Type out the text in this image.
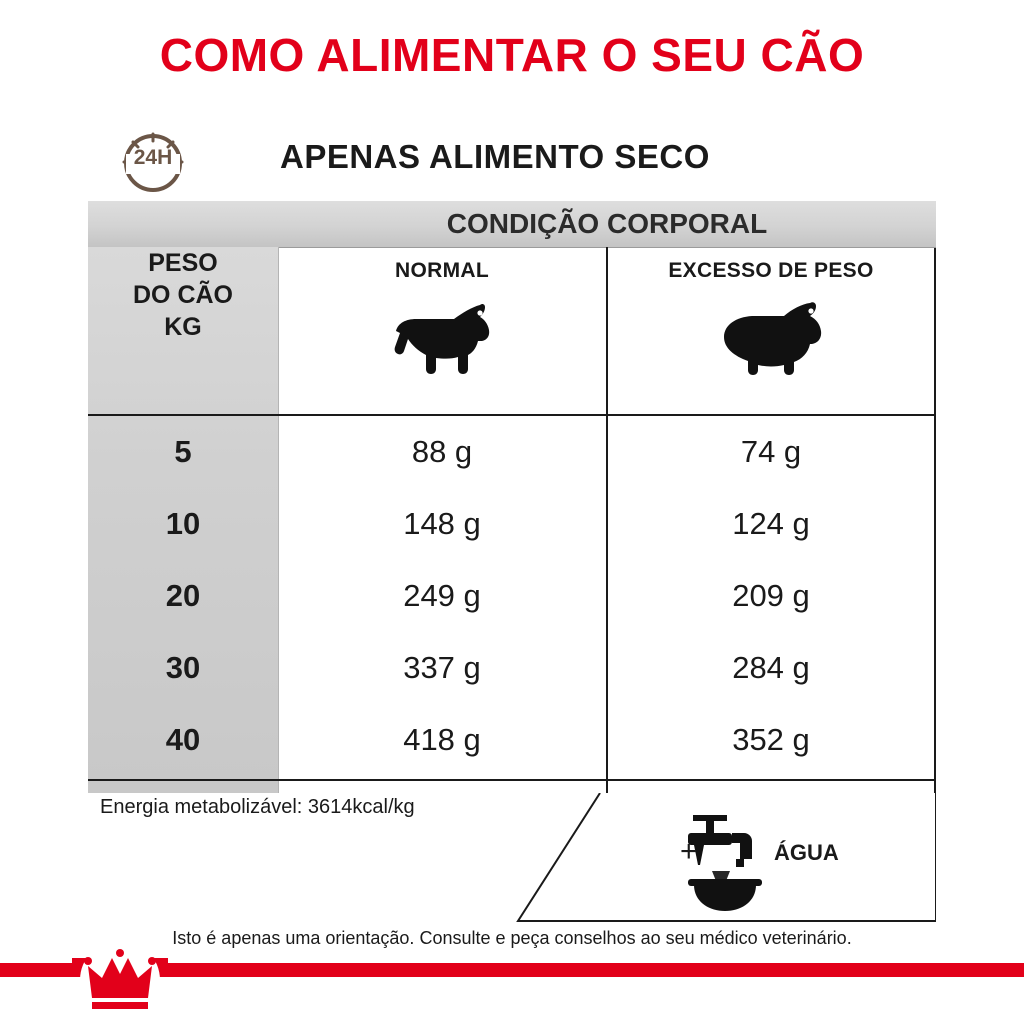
COMO ALIMENTAR O SEU CÃO
24H	APENAS ALIMENTO SECO
CONDIÇÃO CORPORAL
PESO
DO CÃO
KG
NORMAL	EXCESSO DE PESO
5	88 g	74 g
10	148 g	124 g
20	249 g	209 g
30	337 g	284 g
40	418 g	352 g
Energia metabolizável: 3614kcal/kg
+	ÁGUA
Isto é apenas uma orientação. Consulte e peça conselhos ao seu médico veterinário.
